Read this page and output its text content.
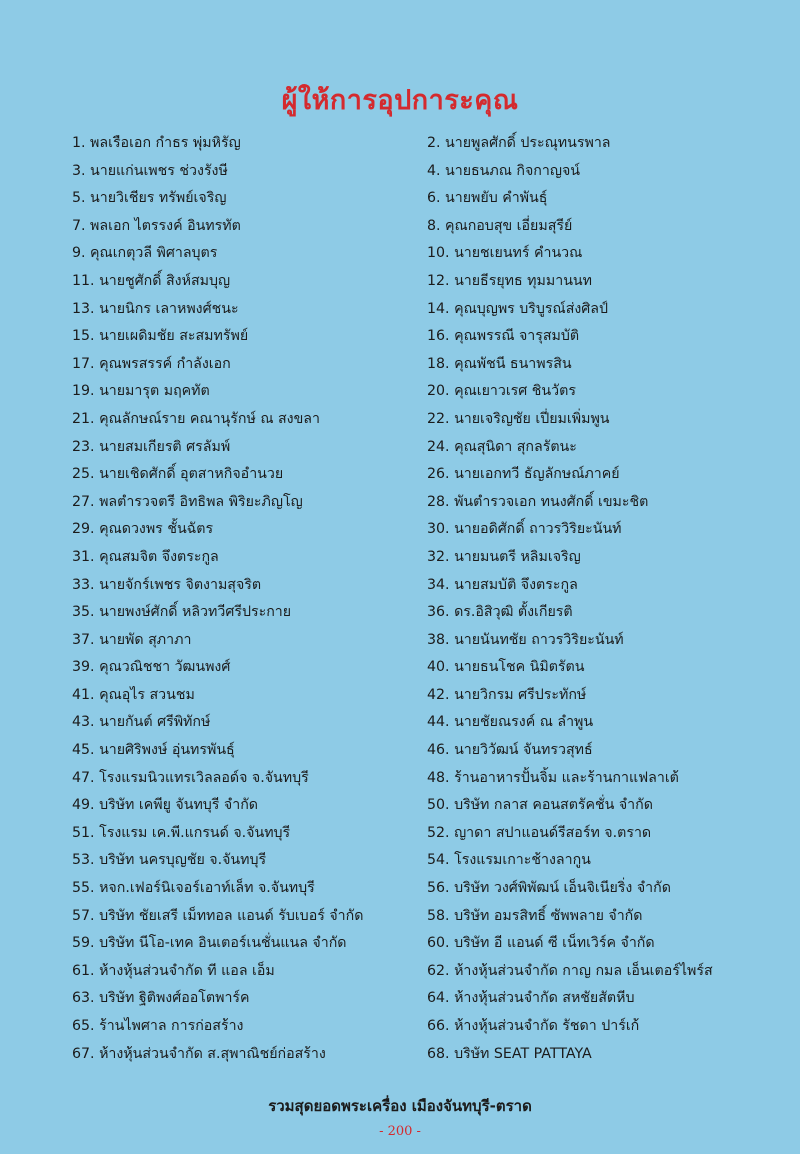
ผู้ให้การอุปการะคุณ
1. พลเรือเอก กำธร พุ่มหิรัญ	2. นายพูลศักดิ์ ประณุทนรพาล
3. นายแก่นเพชร ช่วงรังษี	4. นายธนภณ กิจกาญจน์
5. นายวิเชียร ทรัพย์เจริญ	6. นายพยับ คำพันธุ์
7. พลเอก ไตรรงค์ อินทรทัต	8. คุณกอบสุข เอี่ยมสุรีย์
9. คุณเกตุวลี พิศาลบุตร	10. นายชเยนทร์ คำนวณ
11. นายชูศักดิ์ สิงห์สมบุญ	12. นายธีรยุทธ ทุมมานนท
13. นายนิกร เลาหพงศ์ชนะ	14. คุณบุญพร บริบูรณ์ส่งศิลป์
15. นายเผดิมชัย สะสมทรัพย์	16. คุณพรรณี จารุสมบัติ
17. คุณพรสรรค์ กำลังเอก	18. คุณพัชนี ธนาพรสิน
19. นายมารุต มฤคทัต	20. คุณเยาวเรศ ชินวัตร
21. คุณลักษณ์ราย คณานุรักษ์ ณ สงขลา	22. นายเจริญชัย เปี่ยมเพิ่มพูน
23. นายสมเกียรติ ศรลัมพ์	24. คุณสุนิดา สุกลรัตนะ
25. นายเชิดศักดิ์ อุตสาหกิจอำนวย	26. นายเอกทวี ธัญลักษณ์ภาคย์
27. พลตำรวจตรี อิทธิพล พิริยะภิญโญ	28. พันตำรวจเอก ทนงศักดิ์ เขมะชิต
29. คุณดวงพร ชั้นฉัตร	30. นายอดิศักดิ์ ถาวรวิริยะนันท์
31. คุณสมจิต จึงตระกูล	32. นายมนตรี หลิมเจริญ
33. นายจักร์เพชร จิตงามสุจริต	34. นายสมบัติ จึงตระกูล
35. นายพงษ์ศักดิ์ หลิวทวีศรีประกาย	36. ดร.อิสิวุฒิ ตั้งเกียรติ
37. นายพัด สุภาภา	38. นายนันทชัย ถาวรวิริยะนันท์
39. คุณวณิชชา วัฒนพงศ์	40. นายธนโชค นิมิตรัตน
41. คุณอุไร สวนชม	42. นายวิกรม ศรีประทักษ์
43. นายกันต์ ศรีพิทักษ์	44. นายชัยณรงค์ ณ ลำพูน
45. นายศิริพงษ์ อุ่นทรพันธุ์	46. นายวิวัฒน์ จันทรวสุทธ์
47. โรงแรมนิวแทรเวิลลอด์จ จ.จันทบุรี	48. ร้านอาหารปั้นจิ้ม และร้านกาแฟลาเต้
49. บริษัท เคพียู จันทบุรี จำกัด	50. บริษัท กลาส คอนสตรัคชั่น จำกัด
51. โรงแรม เค.พี.แกรนด์ จ.จันทบุรี	52. ญาดา สปาแอนด์รีสอร์ท จ.ตราด
53. บริษัท นครบุญชัย จ.จันทบุรี	54. โรงแรมเกาะช้างลากูน
55. หจก.เฟอร์นิเจอร์เอาท์เล็ท จ.จันทบุรี	56. บริษัท วงศ์พิพัฒน์ เอ็นจิเนียริ่ง จำกัด
57. บริษัท ชัยเสรี เม็ททอล แอนด์ รับเบอร์ จำกัด	58. บริษัท อมรสิทธิ์ ซัพพลาย จำกัด
59. บริษัท นีโอ-เทค อินเตอร์เนชั่นแนล จำกัด	60. บริษัท อี แอนด์ ซี เน็ทเวิร์ค จำกัด
61. ห้างหุ้นส่วนจำกัด ที แอล เอ็ม	62. ห้างหุ้นส่วนจำกัด กาญ กมล เอ็นเตอร์ไพร์ส
63. บริษัท ฐิติพงศ์ออโตพาร์ค	64. ห้างหุ้นส่วนจำกัด สหชัยสัตหีบ
65. ร้านไพศาล การก่อสร้าง	66. ห้างหุ้นส่วนจำกัด รัชดา ปาร์เก้
67. ห้างหุ้นส่วนจำกัด ส.สุพาณิชย์ก่อสร้าง	68. บริษัท SEAT PATTAYA
รวมสุดยอดพระเครื่อง เมืองจันทบุรี-ตราด
- 200 -
